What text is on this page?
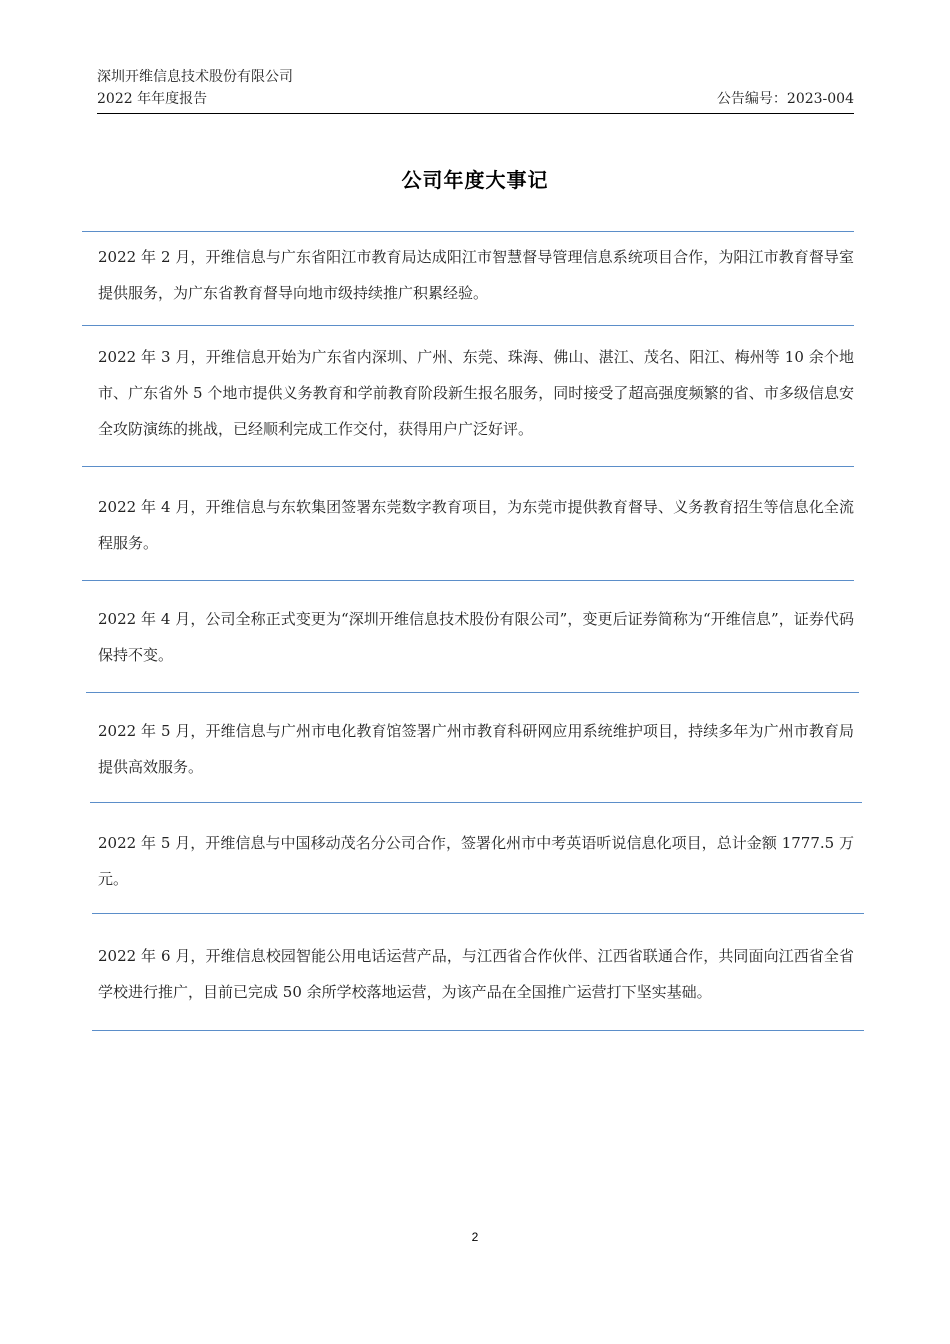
深圳开维信息技术股份有限公司
2022 年年度报告	公告编号：2023-004
公司年度大事记
2022 年 2 月，开维信息与广东省阳江市教育局达成阳江市智慧督导管理信息系统项目合作，为阳江市教育督导室提供服务，为广东省教育督导向地市级持续推广积累经验。
2022 年 3 月，开维信息开始为广东省内深圳、广州、东莞、珠海、佛山、湛江、茂名、阳江、梅州等 10 余个地市、广东省外 5 个地市提供义务教育和学前教育阶段新生报名服务，同时接受了超高强度频繁的省、市多级信息安全攻防演练的挑战，已经顺利完成工作交付，获得用户广泛好评。
2022 年 4 月，开维信息与东软集团签署东莞数字教育项目，为东莞市提供教育督导、义务教育招生等信息化全流程服务。
2022 年 4 月，公司全称正式变更为“深圳开维信息技术股份有限公司”，变更后证券简称为“开维信息”，证券代码保持不变。
2022 年 5 月，开维信息与广州市电化教育馆签署广州市教育科研网应用系统维护项目，持续多年为广州市教育局提供高效服务。
2022 年 5 月，开维信息与中国移动茂名分公司合作，签署化州市中考英语听说信息化项目，总计金额 1777.5 万元。
2022 年 6 月，开维信息校园智能公用电话运营产品，与江西省合作伙伴、江西省联通合作，共同面向江西省全省学校进行推广，目前已完成 50 余所学校落地运营，为该产品在全国推广运营打下坚实基础。
2
